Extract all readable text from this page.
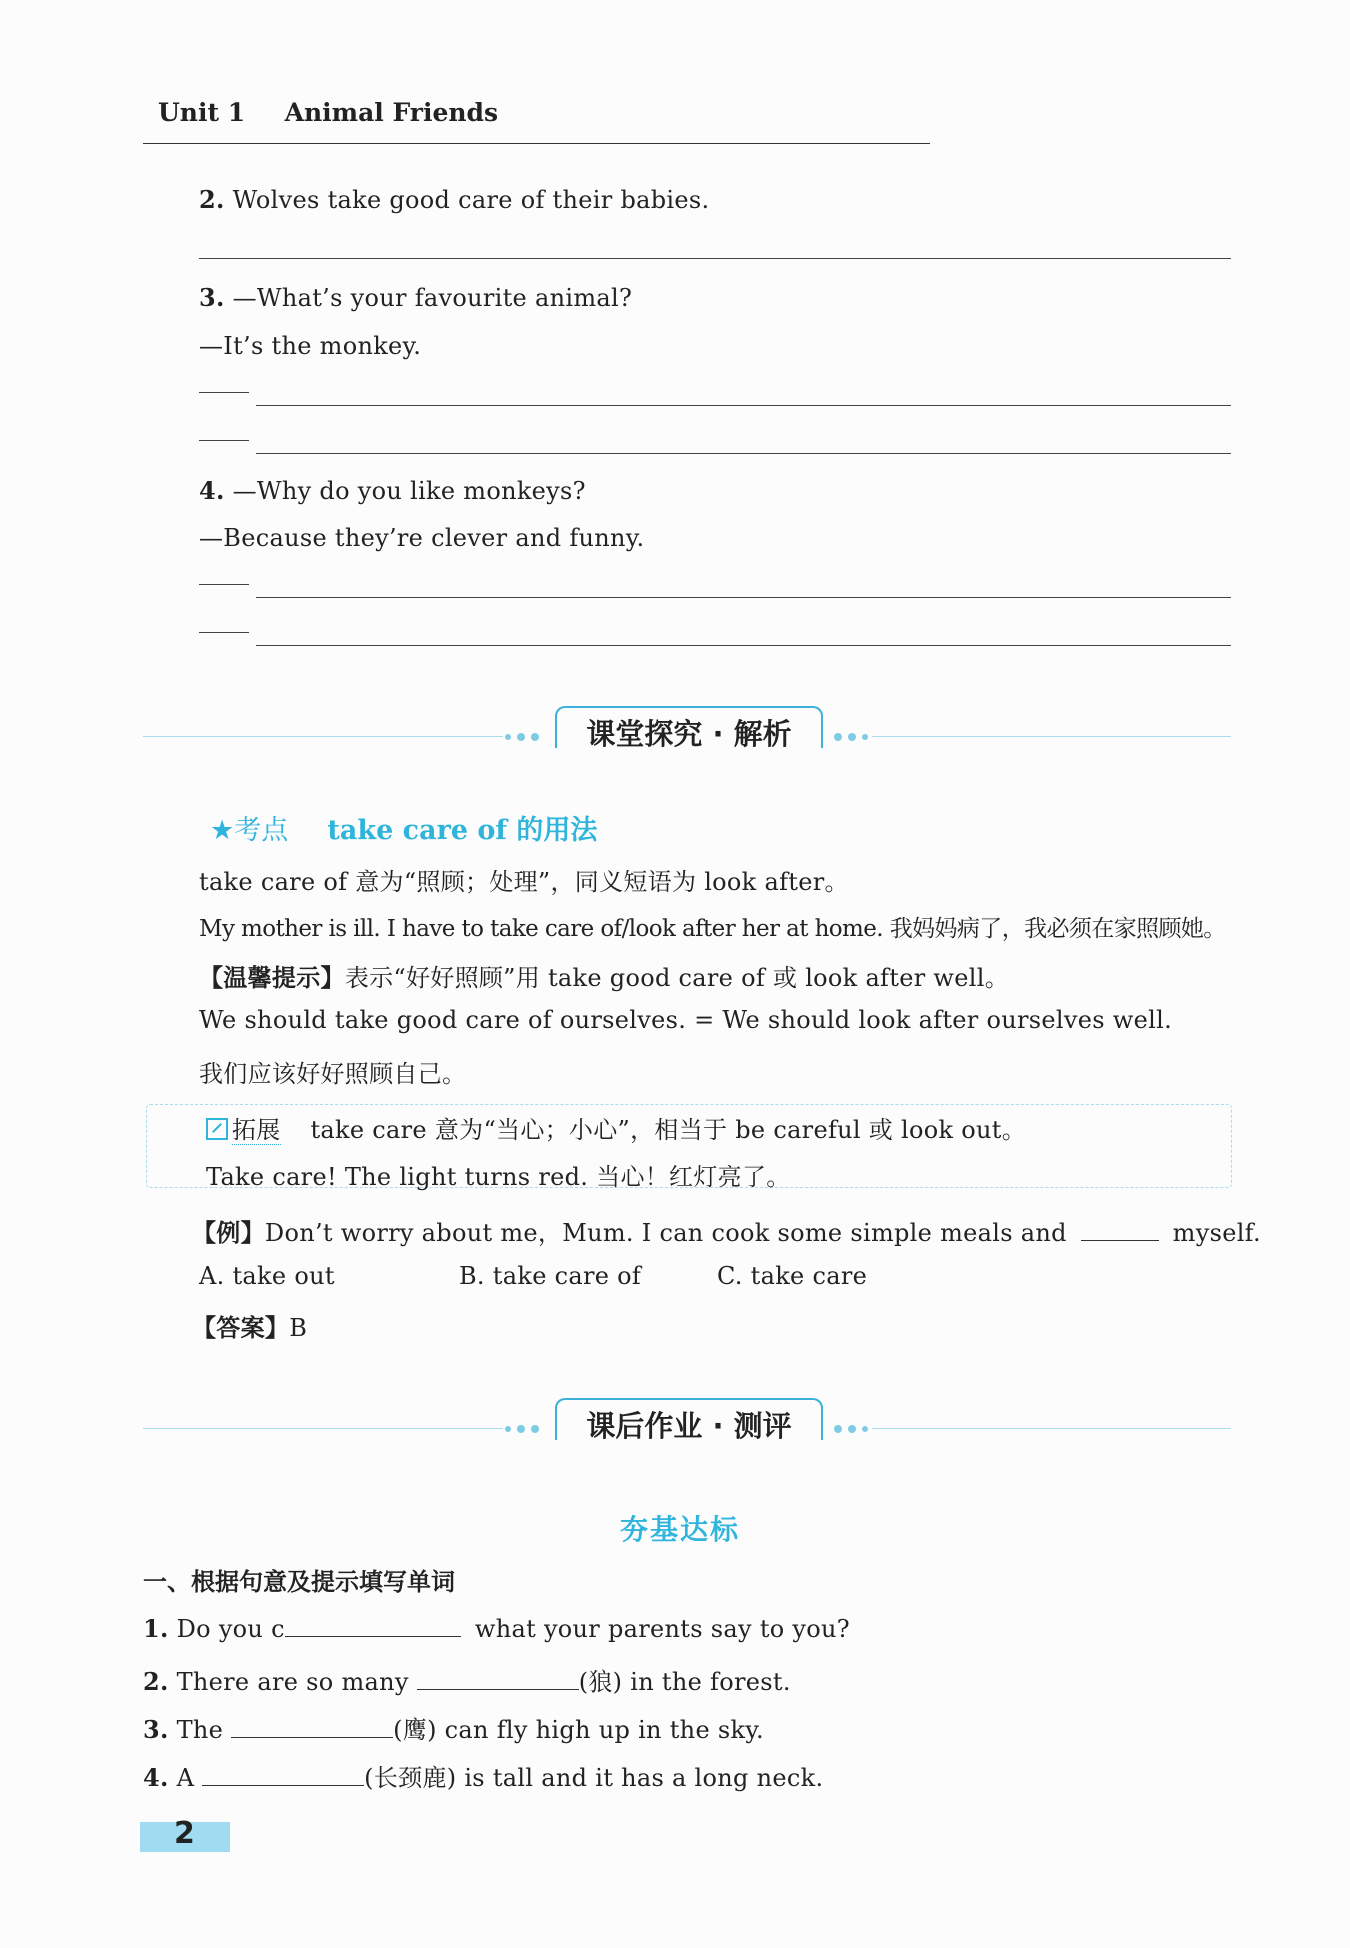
Unit 1 Animal Friends
2. Wolves take good care of their babies.
3. —What’s your favourite animal?
—It’s the monkey.
4. —Why do you like monkeys?
—Because they’re clever and funny.
课堂探究 · 解析
★考点 take care of 的用法
take care of 意为“照顾；处理”，同义短语为 look after。
My mother is ill. I have to take care of/look after her at home. 我妈妈病了，我必须在家照顾她。
【温馨提示】表示“好好照顾”用 take good care of 或 look after well。
We should take good care of ourselves. = We should look after ourselves well.
我们应该好好照顾自己。
拓展 take care 意为“当心；小心”，相当于 be careful 或 look out。
Take care! The light turns red. 当心！红灯亮了。
【例】Don’t worry about me，Mum. I can cook some simple meals and	myself.
A. take out	B. take care of	C. take care
【答案】B
课后作业 · 测评
夯基达标
一、根据句意及提示填写单词
1. Do you c	what your parents say to you?
2. There are so many	(狼) in the forest.
3. The	(鹰) can fly high up in the sky.
4. A	(长颈鹿) is tall and it has a long neck.
2
